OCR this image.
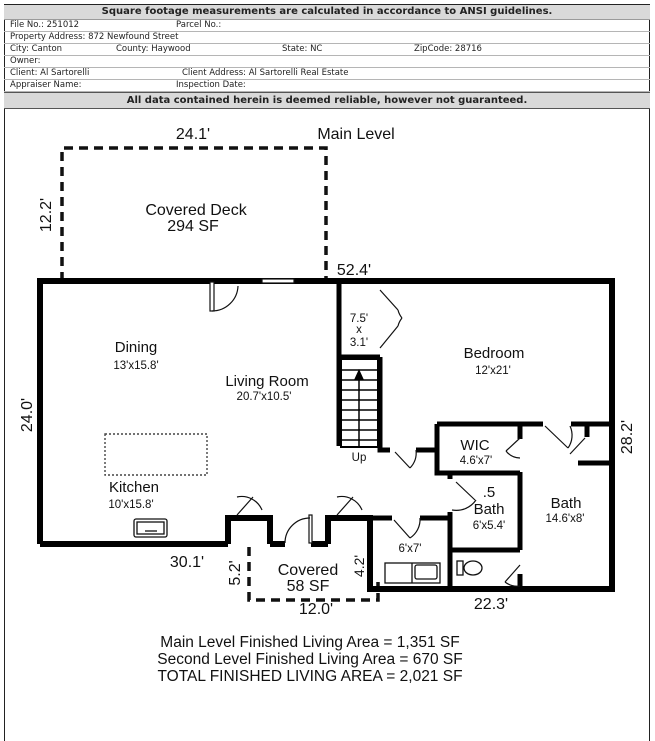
Square footage measurements are calculated in accordance to ANSI guidelines.
File No.: 251012	Parcel No.:
Property Address: 872 Newfound Street
City: Canton	County: Haywood	State: NC	ZipCode: 28716
Owner:
Client: Al Sartorelli	Client Address: Al Sartorelli Real Estate
Appraiser Name:	Inspection Date:
All data contained herein is deemed reliable, however not guaranteed.
Main Level
24.1'
12.2'	Covered Deck
294 SF
52.4'
24.0'
28.2'
Dining
13'x15.8'
Living Room
20.7'x10.5'
Kitchen
10'x15.8'
7.5'
x
3.1'
Up
Bedroom
12'x21'
WIC
4.6'x7'
.5
Bath
6'x5.4'
Bath
14.6'x8'
6'x7'
30.1' 5.2'	4.2'
Covered
58 SF
12.0'	22.3'
Main Level Finished Living Area = 1,351 SF
Second Level Finished Living Area = 670 SF
TOTAL FINISHED LIVING AREA = 2,021 SF
